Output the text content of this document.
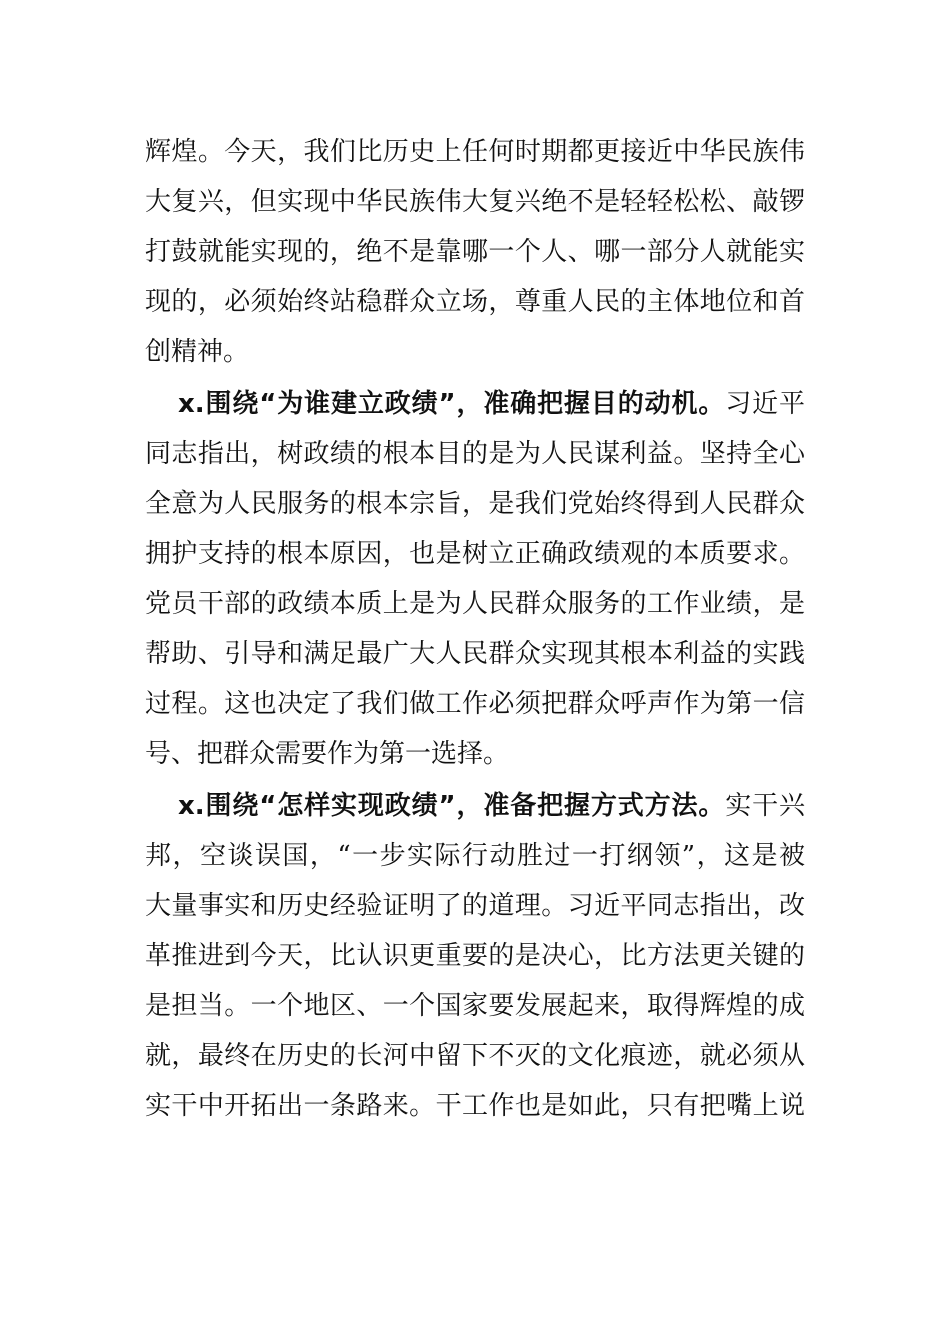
辉煌。今天，我们比历史上任何时期都更接近中华民族伟
大复兴，但实现中华民族伟大复兴绝不是轻轻松松、敲锣
打鼓就能实现的，绝不是靠哪一个人、哪一部分人就能实
现的，必须始终站稳群众立场，尊重人民的主体地位和首
创精神。
x.围绕“为谁建立政绩”，准确把握目的动机。习近平
同志指出，树政绩的根本目的是为人民谋利益。坚持全心
全意为人民服务的根本宗旨，是我们党始终得到人民群众
拥护支持的根本原因，也是树立正确政绩观的本质要求。
党员干部的政绩本质上是为人民群众服务的工作业绩，是
帮助、引导和满足最广大人民群众实现其根本利益的实践
过程。这也决定了我们做工作必须把群众呼声作为第一信
号、把群众需要作为第一选择。
x.围绕“怎样实现政绩”，准备把握方式方法。实干兴
邦，空谈误国，“一步实际行动胜过一打纲领”，这是被
大量事实和历史经验证明了的道理。习近平同志指出，改
革推进到今天，比认识更重要的是决心，比方法更关键的
是担当。一个地区、一个国家要发展起来，取得辉煌的成
就，最终在历史的长河中留下不灭的文化痕迹，就必须从
实干中开拓出一条路来。干工作也是如此，只有把嘴上说
